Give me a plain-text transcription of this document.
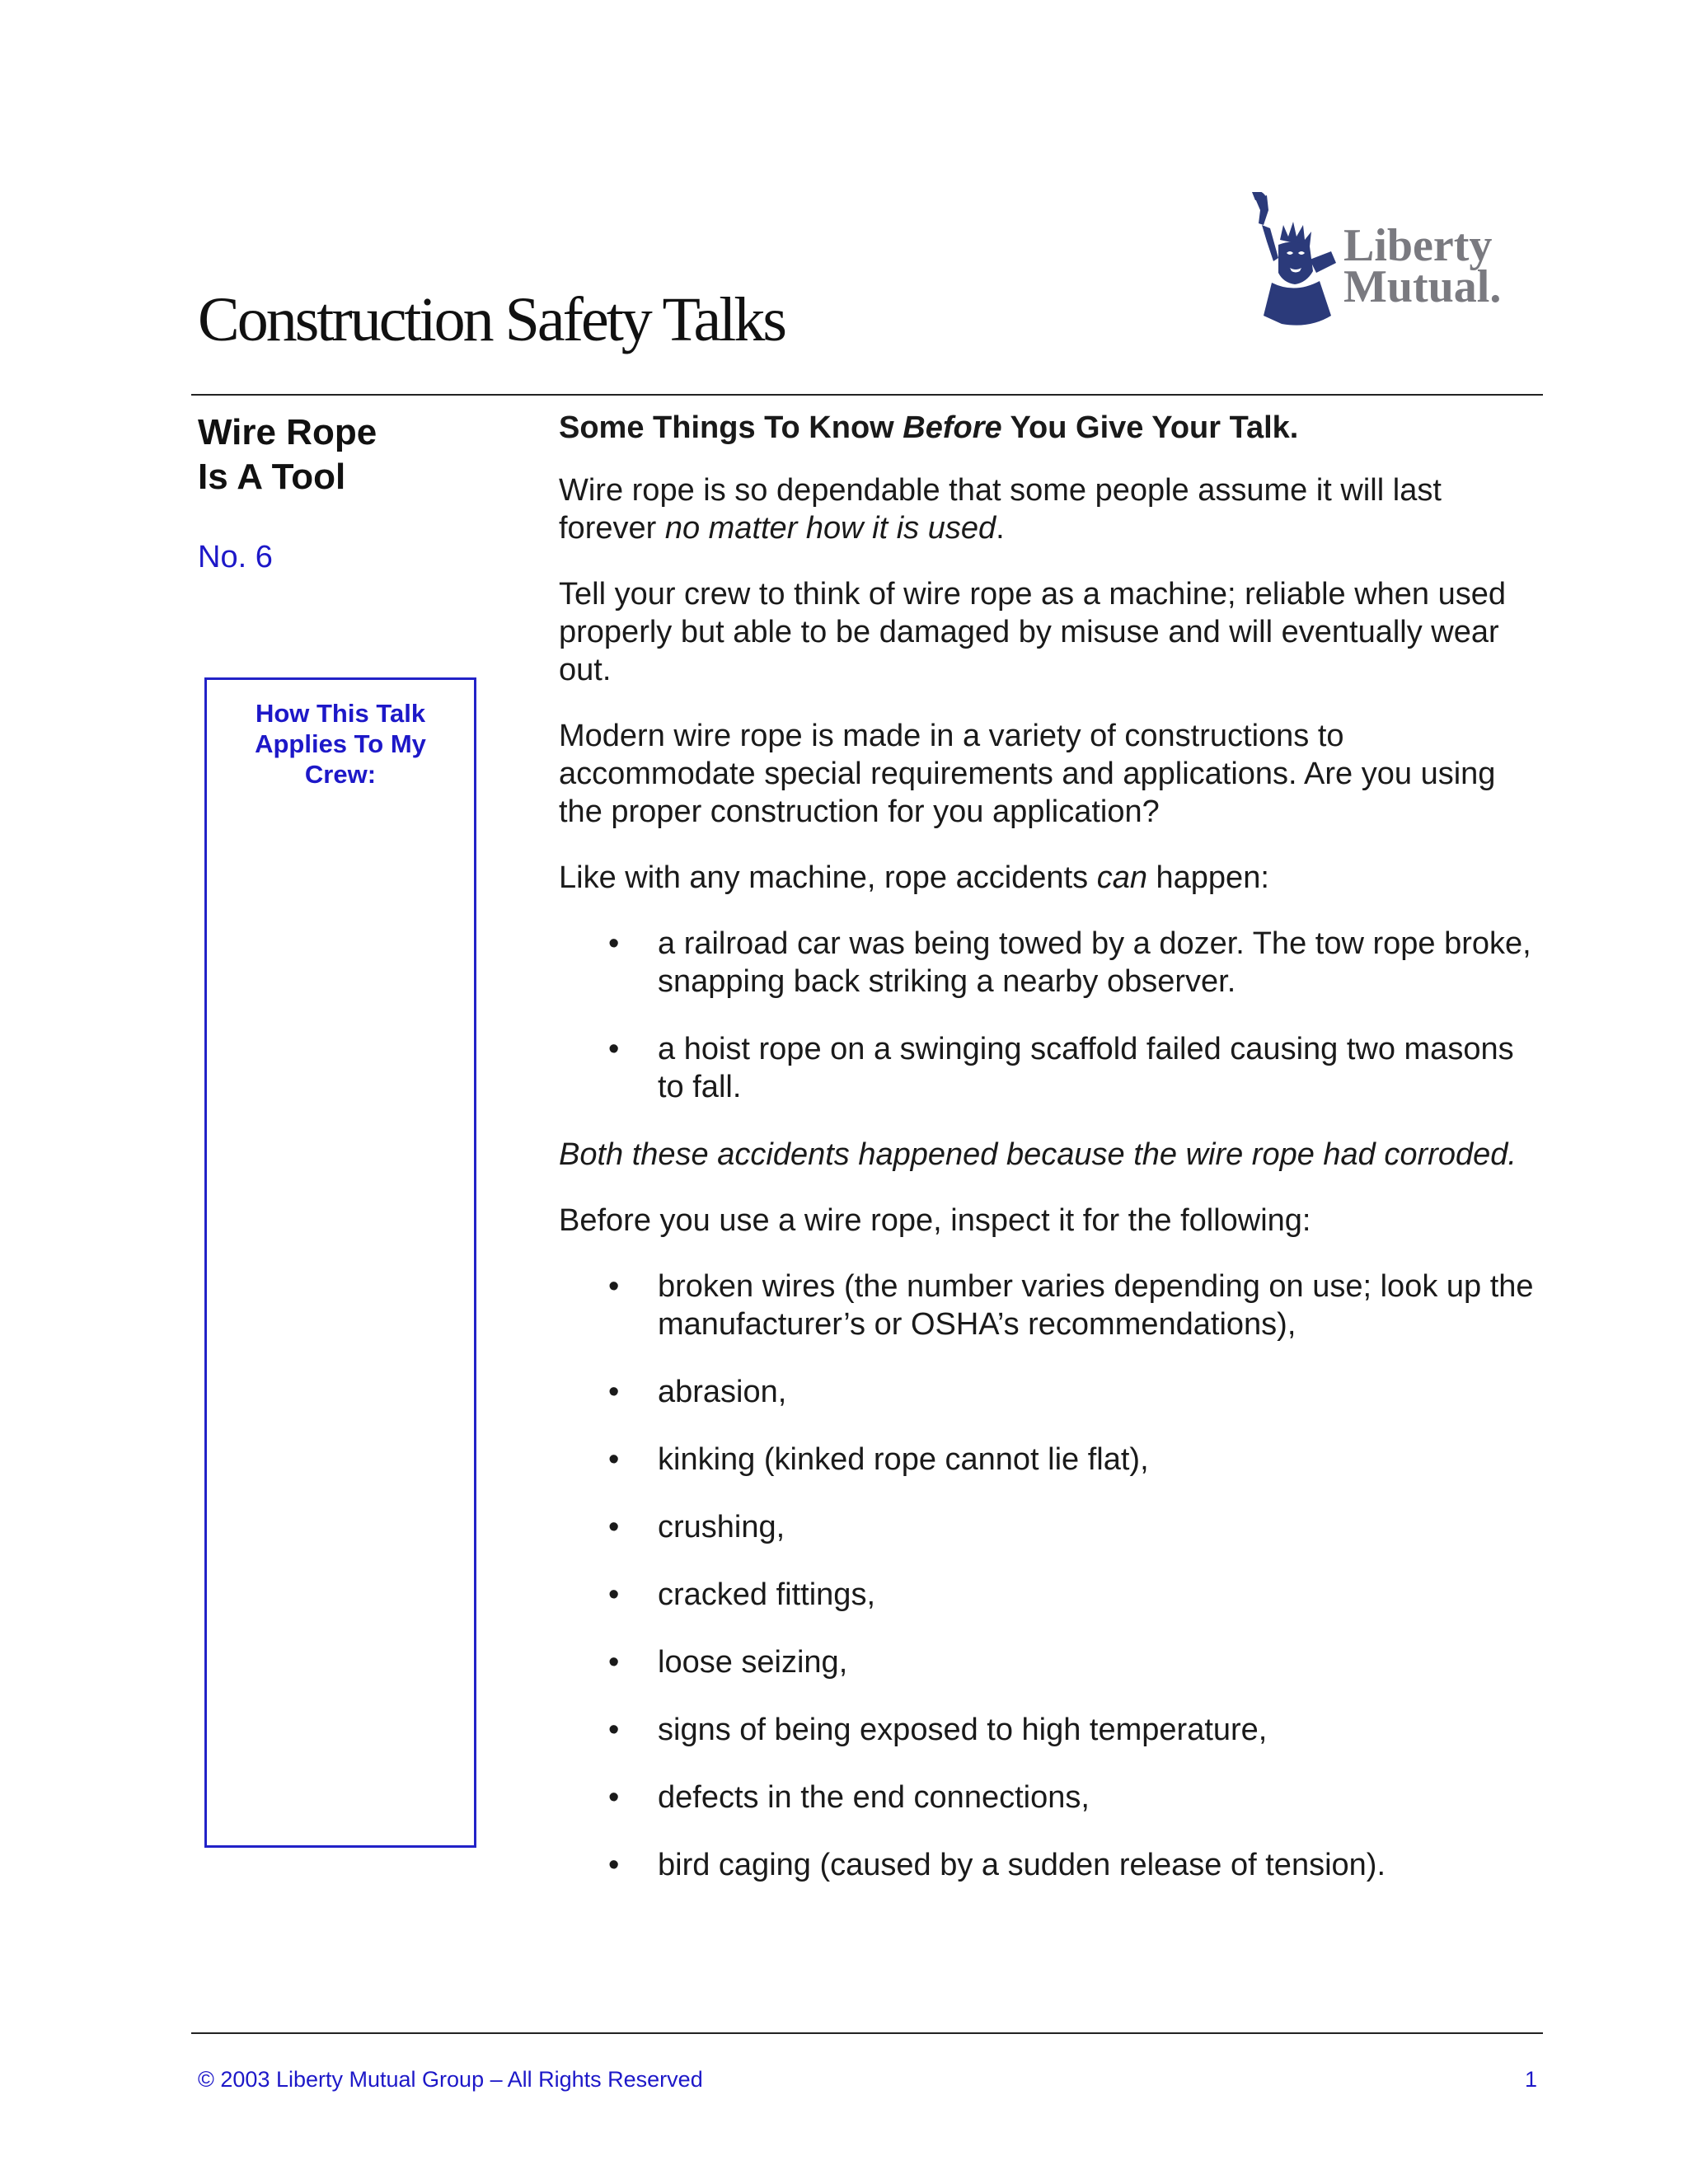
Liberty
Mutual.
Construction Safety Talks
Wire Rope
Is A Tool
No. 6
How This Talk
Applies To My
Crew:

Some Things To Know Before You Give Your Talk.

Wire rope is so dependable that some people assume it will last forever no matter how it is used.

Tell your crew to think of wire rope as a machine; reliable when used properly but able to be damaged by misuse and will eventually wear out.

Modern wire rope is made in a variety of constructions to accommodate special requirements and applications. Are you using the proper construction for you application?

Like with any machine, rope accidents can happen:

• a railroad car was being towed by a dozer. The tow rope broke, snapping back striking a nearby observer.
• a hoist rope on a swinging scaffold failed causing two masons to fall.

Both these accidents happened because the wire rope had corroded.

Before you use a wire rope, inspect it for the following:

• broken wires (the number varies depending on use; look up the manufacturer’s or OSHA’s recommendations),
• abrasion,
• kinking (kinked rope cannot lie flat),
• crushing,
• cracked fittings,
• loose seizing,
• signs of being exposed to high temperature,
• defects in the end connections,
• bird caging (caused by a sudden release of tension).
© 2003 Liberty Mutual Group – All Rights Reserved	1
